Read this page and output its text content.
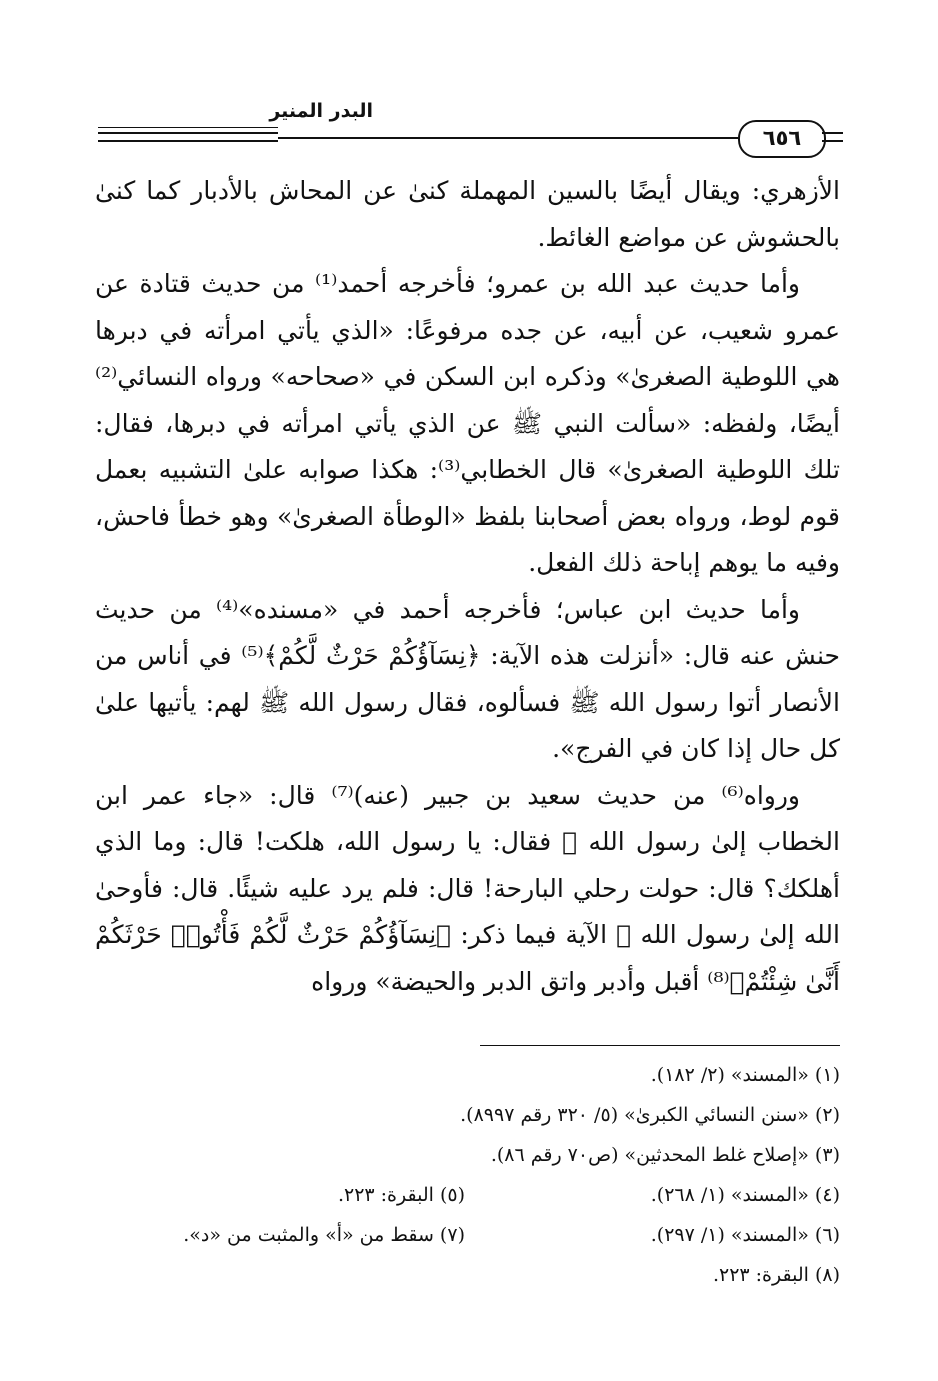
البدر المنير
٦٥٦

الأزهري: ويقال أيضًا بالسين المهملة كنىٰ عن المحاش بالأدبار كما كنىٰ بالحشوش عن مواضع الغائط.

وأما حديث عبد الله بن عمرو؛ فأخرجه أحمد⁽¹⁾ من حديث قتادة عن عمرو شعيب، عن أبيه، عن جده مرفوعًا: «الذي يأتي امرأته في دبرها هي اللوطية الصغرىٰ» وذكره ابن السكن في «صحاحه» ورواه النسائي⁽²⁾ أيضًا، ولفظه: «سألت النبي ﷺ عن الذي يأتي امرأته في دبرها، فقال: تلك اللوطية الصغرىٰ» قال الخطابي⁽³⁾: هكذا صوابه علىٰ التشبيه بعمل قوم لوط، ورواه بعض أصحابنا بلفظ «الوطأة الصغرىٰ» وهو خطأ فاحش، وفيه ما يوهم إباحة ذلك الفعل.

وأما حديث ابن عباس؛ فأخرجه أحمد في «مسنده»⁽⁴⁾ من حديث حنش عنه قال: «أنزلت هذه الآية: ﴿نِسَآؤُكُمْ حَرْثٌ لَّكُمْ﴾⁽⁵⁾ في أناس من الأنصار أتوا رسول الله ﷺ فسألوه، فقال رسول الله ﷺ لهم: يأتيها علىٰ كل حال إذا كان في الفرج».

ورواه⁽⁶⁾ من حديث سعيد بن جبير (عنه)⁽⁷⁾ قال: «جاء عمر ابن الخطاب إلىٰ رسول الله ﷺ فقال: يا رسول الله، هلكت! قال: وما الذي أهلكك؟ قال: حولت رحلي البارحة! قال: فلم يرد عليه شيئًا. قال: فأوحىٰ الله إلىٰ رسول الله ﷺ الآية فيما ذكر: ﴿نِسَآؤُكُمْ حَرْثٌ لَّكُمْ فَأْتُوا۟ حَرْثَكُمْ أَنَّىٰ شِئْتُمْ﴾⁽⁸⁾ أقبل وأدبر واتق الدبر والحيضة» ورواه

(١) «المسند» (٢/ ١٨٢).
(٢) «سنن النسائي الكبرىٰ» (٥/ ٣٢٠ رقم ٨٩٩٧).
(٣) «إصلاح غلط المحدثين» (ص٧٠ رقم ٨٦).
(٤) «المسند» (١/ ٢٦٨).
(٥) البقرة: ٢٢٣.
(٦) «المسند» (١/ ٢٩٧).
(٧) سقط من «أ» والمثبت من «د».
(٨) البقرة: ٢٢٣.
